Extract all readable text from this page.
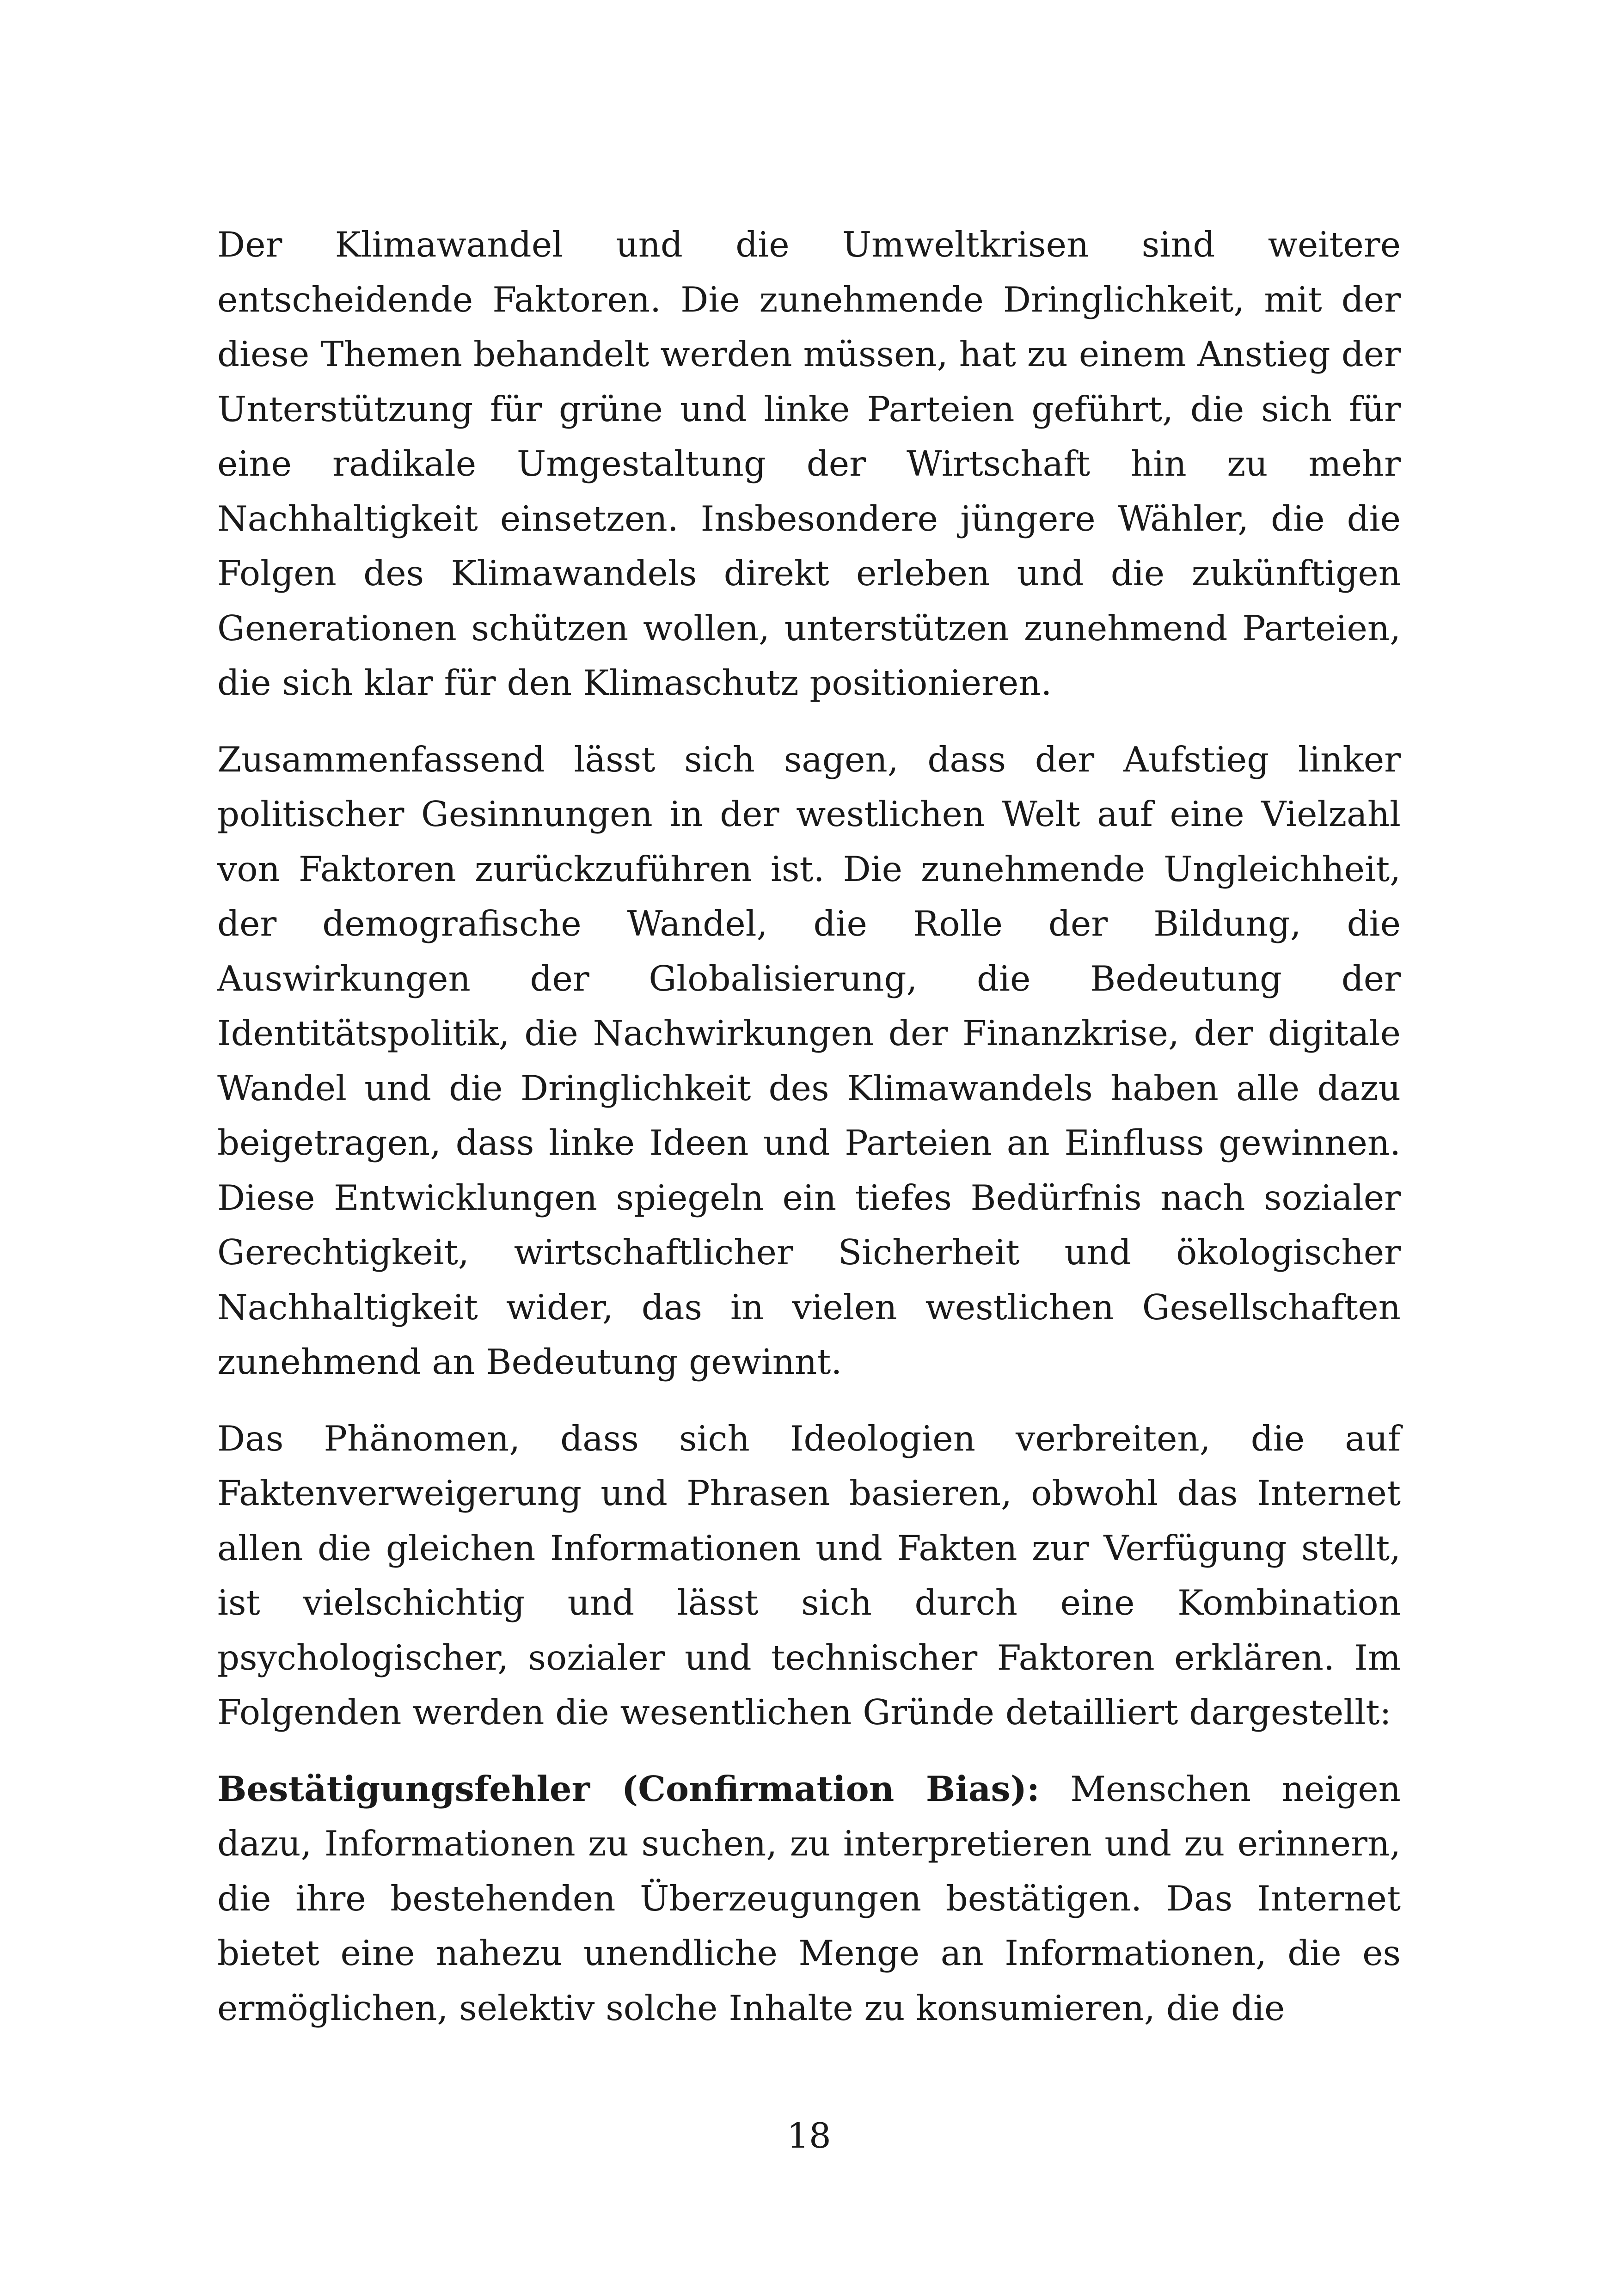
Der Klimawandel und die Umweltkrisen sind weitere entscheidende Faktoren. Die zunehmende Dringlichkeit, mit der diese Themen behandelt werden müssen, hat zu einem Anstieg der Unterstützung für grüne und linke Parteien geführt, die sich für eine radikale Umgestaltung der Wirtschaft hin zu mehr Nachhaltigkeit einsetzen. Insbesondere jüngere Wähler, die die Folgen des Klimawandels direkt erleben und die zukünftigen Generationen schützen wollen, unterstützen zunehmend Parteien, die sich klar für den Klimaschutz positionieren.

Zusammenfassend lässt sich sagen, dass der Aufstieg linker politischer Gesinnungen in der westlichen Welt auf eine Vielzahl von Faktoren zurückzuführen ist. Die zunehmende Ungleichheit, der demografische Wandel, die Rolle der Bildung, die Auswirkungen der Globalisierung, die Bedeutung der Identitätspolitik, die Nachwirkungen der Finanzkrise, der digitale Wandel und die Dringlichkeit des Klimawandels haben alle dazu beigetragen, dass linke Ideen und Parteien an Einfluss gewinnen. Diese Entwicklungen spiegeln ein tiefes Bedürfnis nach sozialer Gerechtigkeit, wirtschaftlicher Sicherheit und ökologischer Nachhaltigkeit wider, das in vielen westlichen Gesellschaften zunehmend an Bedeutung gewinnt.

Das Phänomen, dass sich Ideologien verbreiten, die auf Faktenverweigerung und Phrasen basieren, obwohl das Internet allen die gleichen Informationen und Fakten zur Verfügung stellt, ist vielschichtig und lässt sich durch eine Kombination psychologischer, sozialer und technischer Faktoren erklären. Im Folgenden werden die wesentlichen Gründe detailliert dargestellt:

Bestätigungsfehler (Confirmation Bias): Menschen neigen dazu, Informationen zu suchen, zu interpretieren und zu erinnern, die ihre bestehenden Überzeugungen bestätigen. Das Internet bietet eine nahezu unendliche Menge an Informationen, die es ermöglichen, selektiv solche Inhalte zu konsumieren, die die

18
